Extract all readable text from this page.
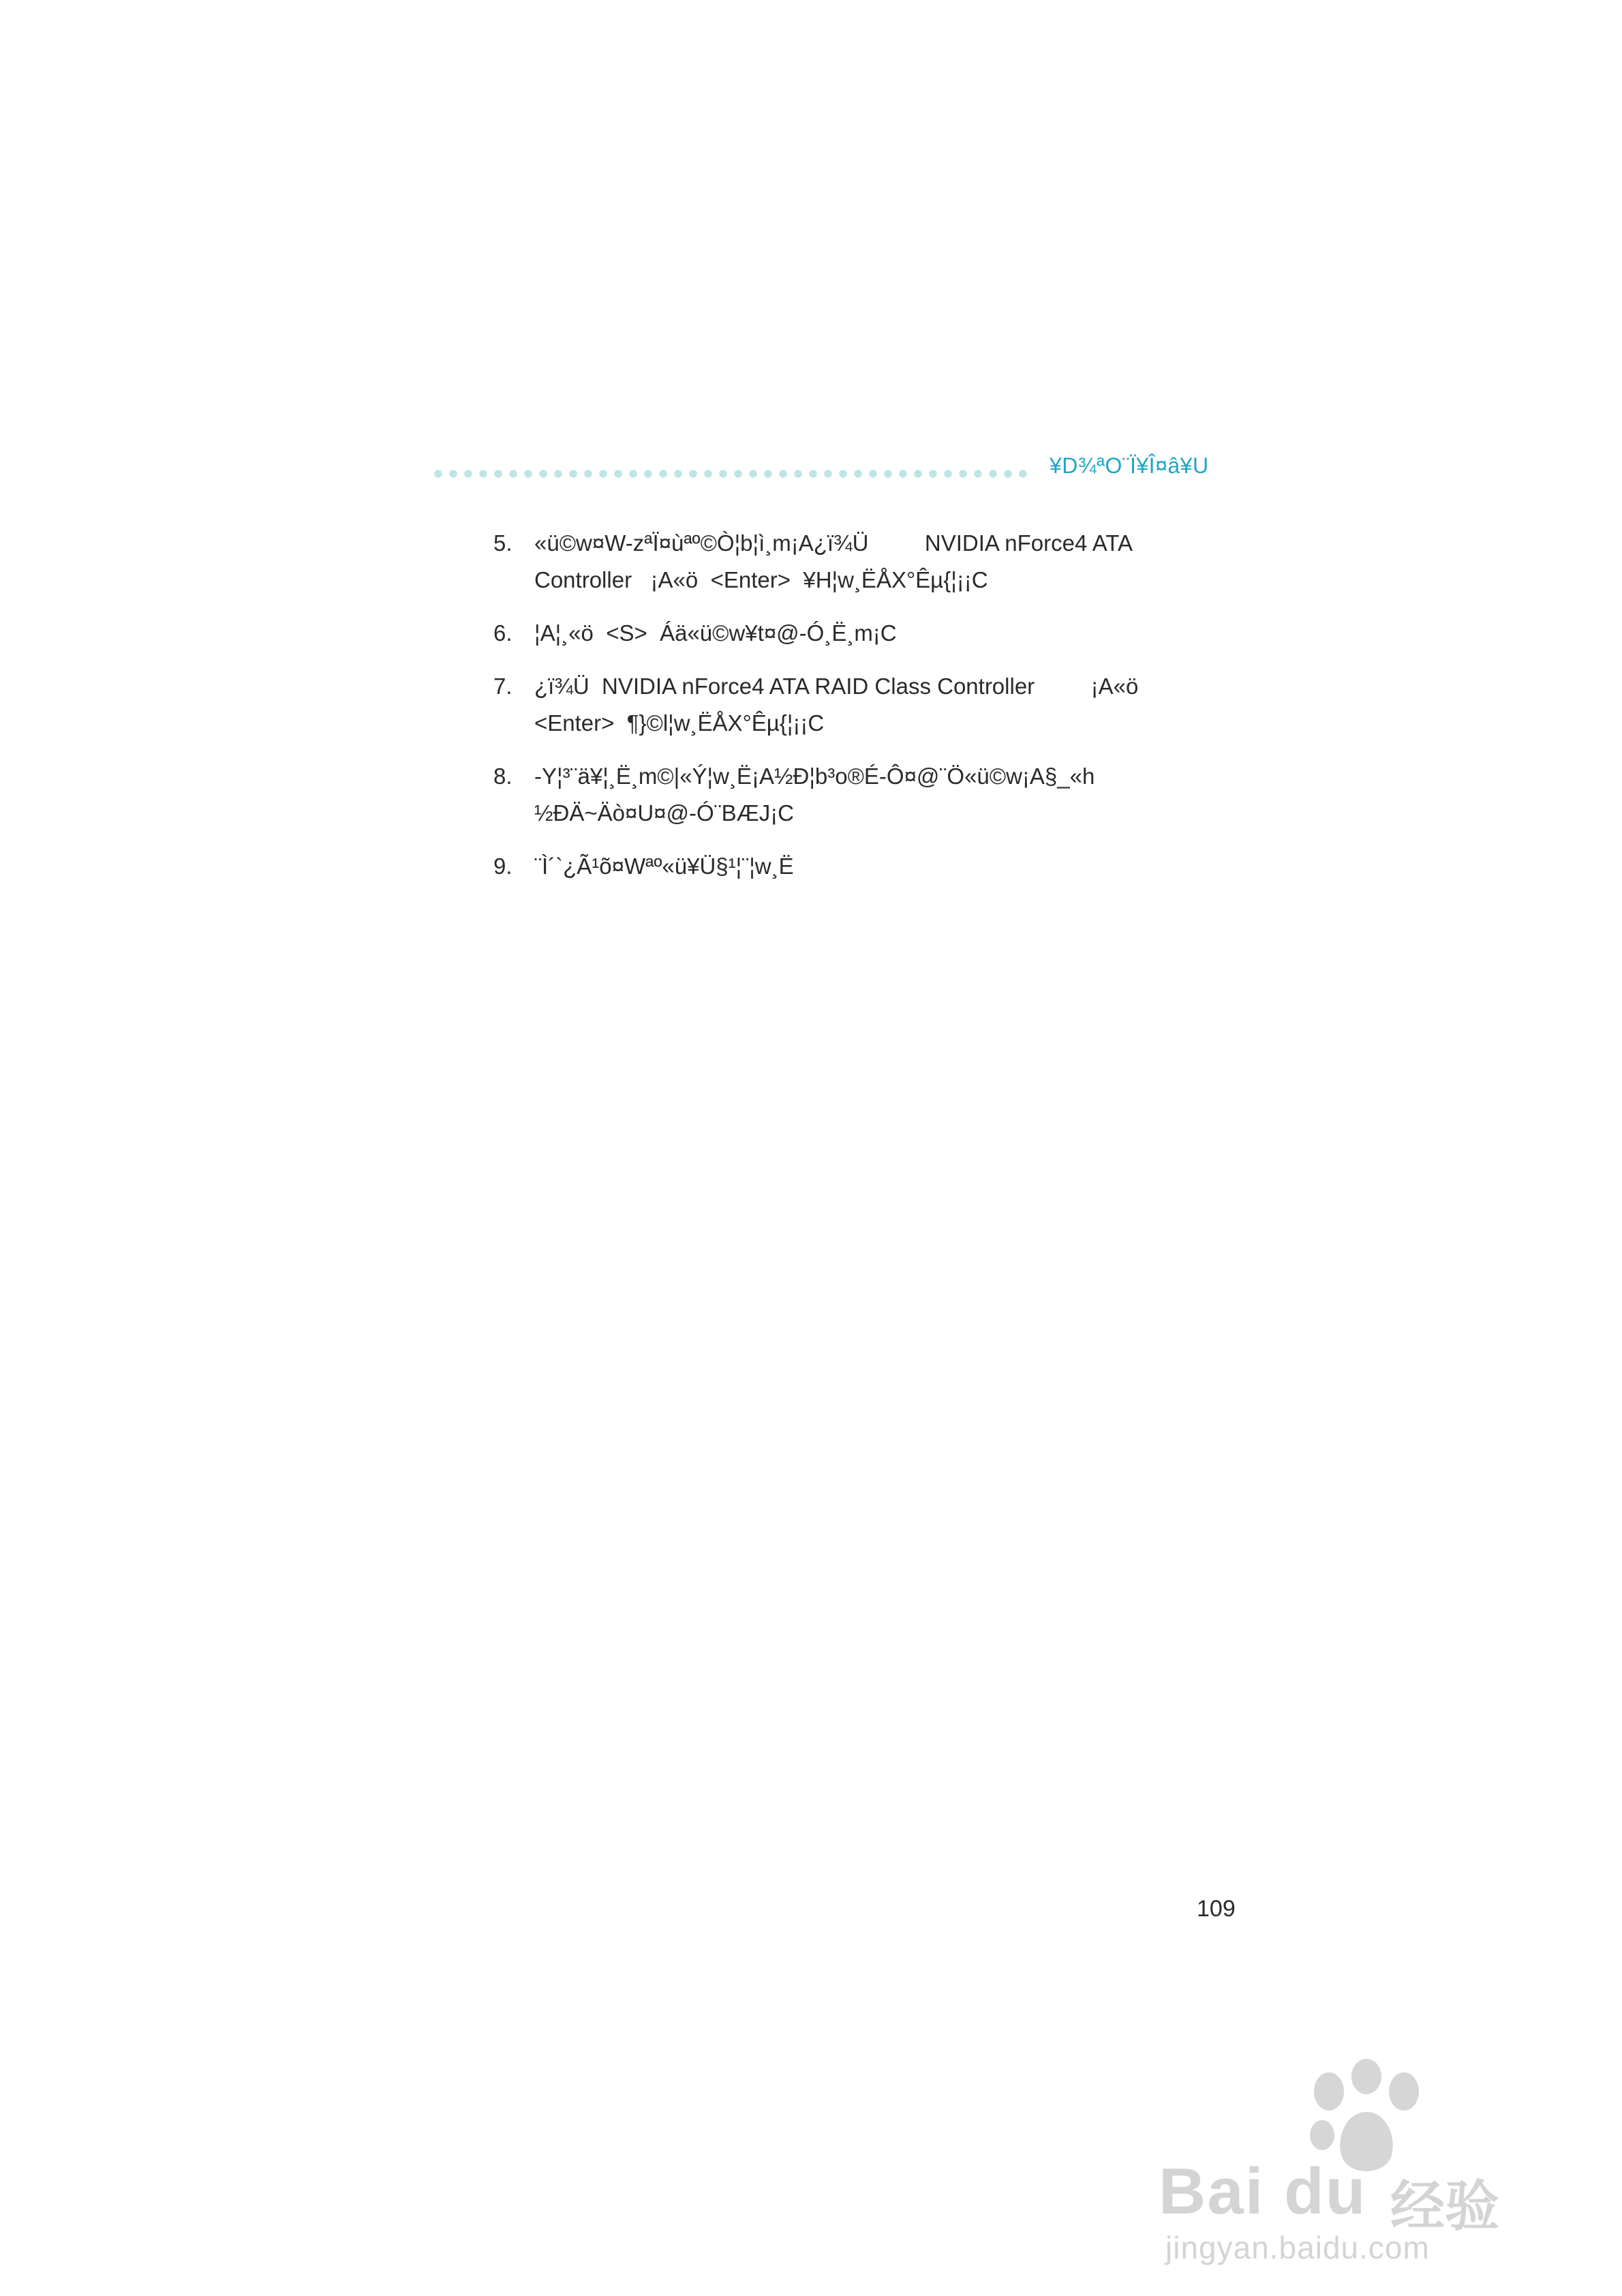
¥D¾ªO¨Ï¥Î¤â¥U
5. «ü©w¤W-zªÏ¤ùªº©Ò¦b¦ì¸m¡A¿ï¾Ü         NVIDIA nForce4 ATA
Controller   ¡A«ö  <Enter>  ¥H¦w¸ËÅX°Êµ{¦¡¡C
6. ¦A¦¸«ö  <S>  Áä«ü©w¥t¤@-Ó¸Ë¸m¡C
7. ¿ï¾Ü  NVIDIA nForce4 ATA RAID Class Controller         ¡A«ö
<Enter>  ¶}©l¦w¸ËÅX°Êµ{¦¡¡C
8. -Y¦³¨ä¥¦¸Ë¸m©|«Ý¦w¸Ë¡A½Ð¦b³o®É-Ô¤@¨Ö«ü©w¡A§_«h
½ÐÄ~Äò¤U¤@-Ó¨BÆJ¡C
9. ¨Ì´`¿Ã¹õ¤Wªº«ü¥Ü§¹¦¨¦w¸Ë
109
Bai du 经验
jingyan.baidu.com
